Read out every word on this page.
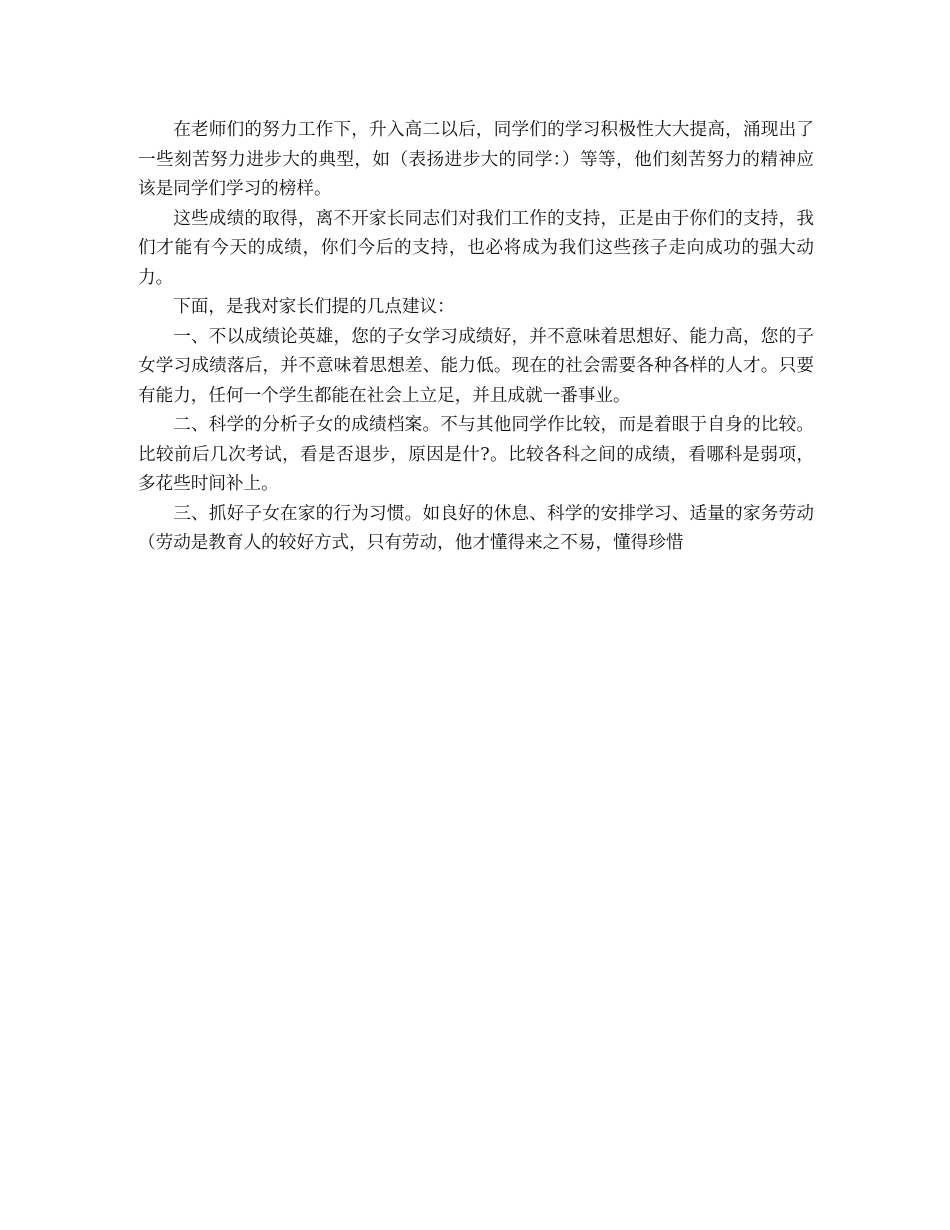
在老师们的努力工作下，升入高二以后，同学们的学习积极性大大提高，涌现出了一些刻苦努力进步大的典型，如（表扬进步大的同学：）等等，他们刻苦努力的精神应该是同学们学习的榜样。

这些成绩的取得，离不开家长同志们对我们工作的支持，正是由于你们的支持，我们才能有今天的成绩，你们今后的支持，也必将成为我们这些孩子走向成功的强大动力。

下面，是我对家长们提的几点建议：

一、不以成绩论英雄，您的子女学习成绩好，并不意味着思想好、能力高，您的子女学习成绩落后，并不意味着思想差、能力低。现在的社会需要各种各样的人才。只要有能力，任何一个学生都能在社会上立足，并且成就一番事业。

二、科学的分析子女的成绩档案。不与其他同学作比较，而是着眼于自身的比较。比较前后几次考试，看是否退步，原因是什?。比较各科之间的成绩，看哪科是弱项，多花些时间补上。

三、抓好子女在家的行为习惯。如良好的休息、科学的安排学习、适量的家务劳动（劳动是教育人的较好方式，只有劳动，他才懂得来之不易，懂得珍惜
